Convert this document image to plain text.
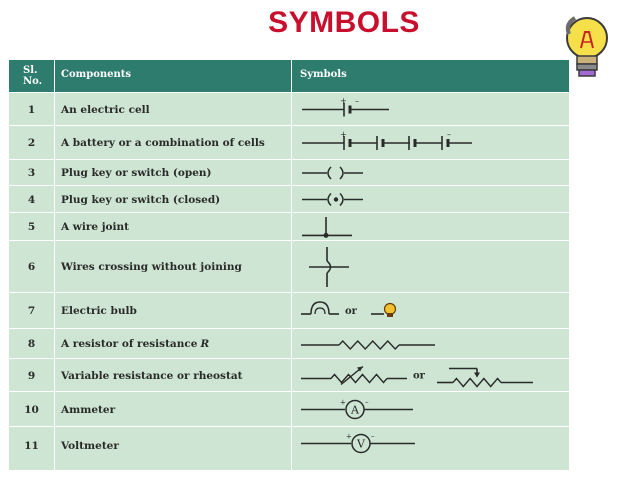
SYMBOLS
Sl.
No.
Components	Symbols
1	An electric cell
+ –
2	A battery or a combination of cells
+	–
3	Plug key or switch (open)
4	Plug key or switch (closed)
5	A wire joint
6	Wires crossing without joining
7	Electric bulb	or
8	A resistor of resistance R
9	Variable resistance or rheostat	or
10	Ammeter	A
+	–
11	Voltmeter	V
+	–
